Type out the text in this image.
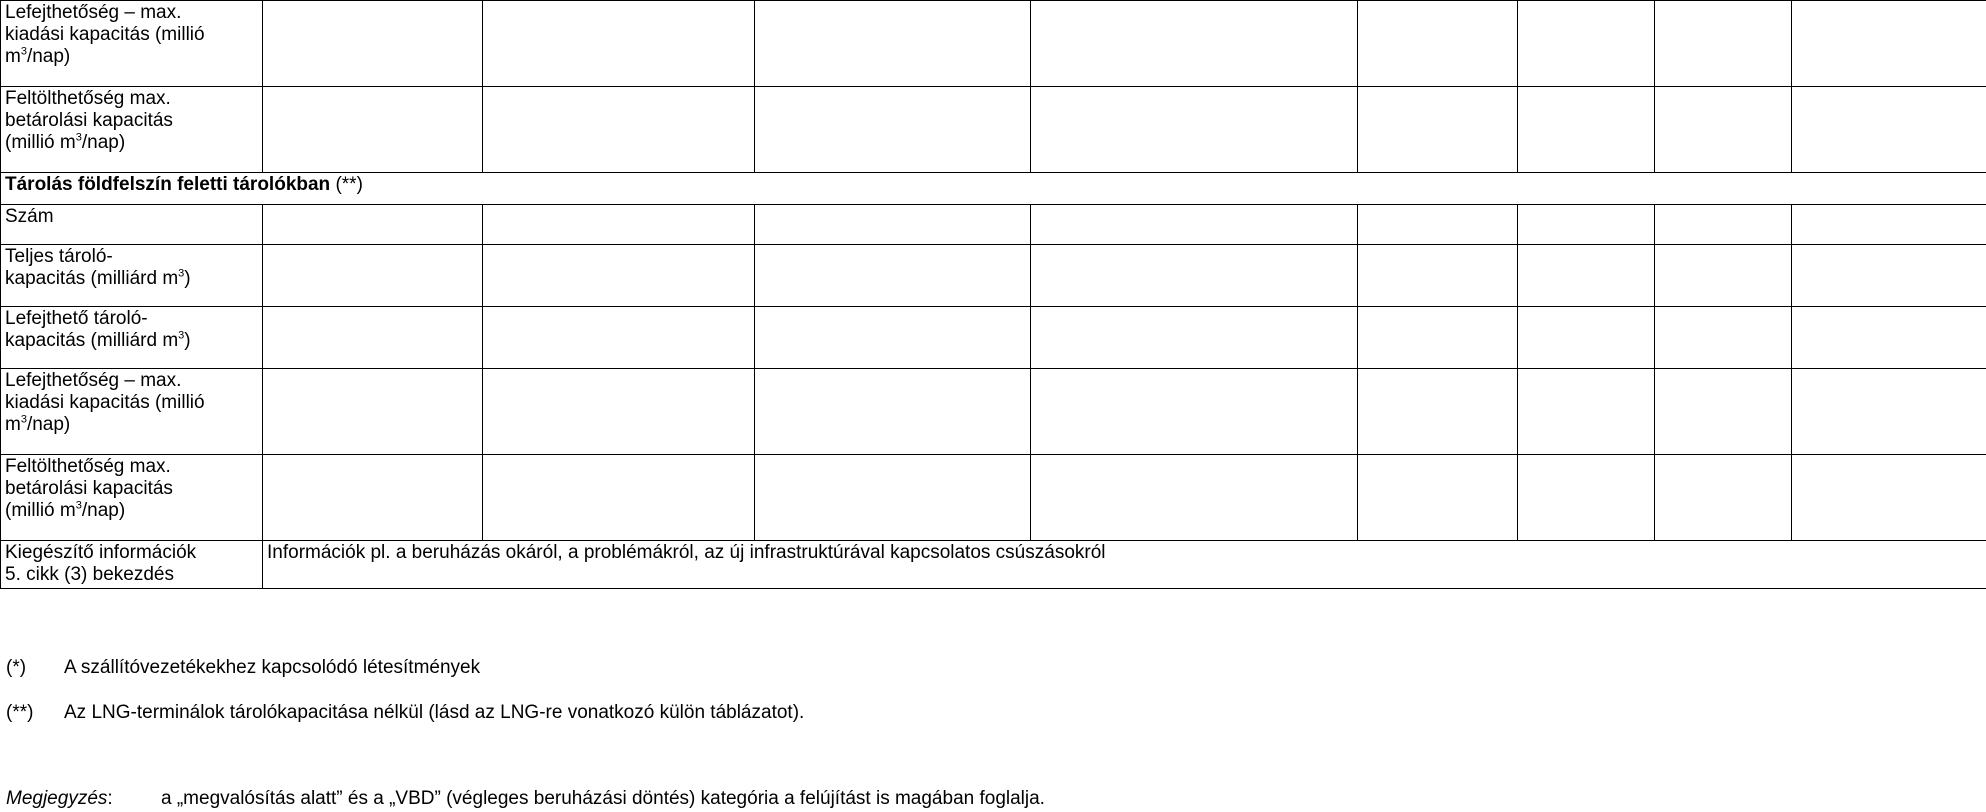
Lefejthetőség – max.
kiadási kapacitás (millió
$m^3/nap$)								

Feltölthetőség max.
betárolási kapacitás
(millió $m^3/nap$)								

Tárolás földfelszín feletti tárolókban (**)								

Szám								

Teljes tároló-
kapacitás (milliárd $m^3$)								

Lefejthető tároló-
kapacitás (milliárd $m^3$)								

Lefejthetőség – max.
kiadási kapacitás (millió
$m^3/nap$)								

Feltölthetőség max.
betárolási kapacitás
(millió $m^3/nap$)								

Kiegészítő információk
5. cikk (3) bekezdés	Információk pl. a beruházás okáról, a problémákról, az új infrastruktúrával kapcsolatos csúszásokról							
(*) A szállítóvezetékekhez kapcsolódó létesítmények
(**) Az LNG-terminálok tárolókapacitása nélkül (lásd az LNG-re vonatkozó külön táblázatot).
Megjegyzés:	a „megvalósítás alatt” és a „VBD” (végleges beruházási döntés) kategória a felújítást is magában foglalja.
